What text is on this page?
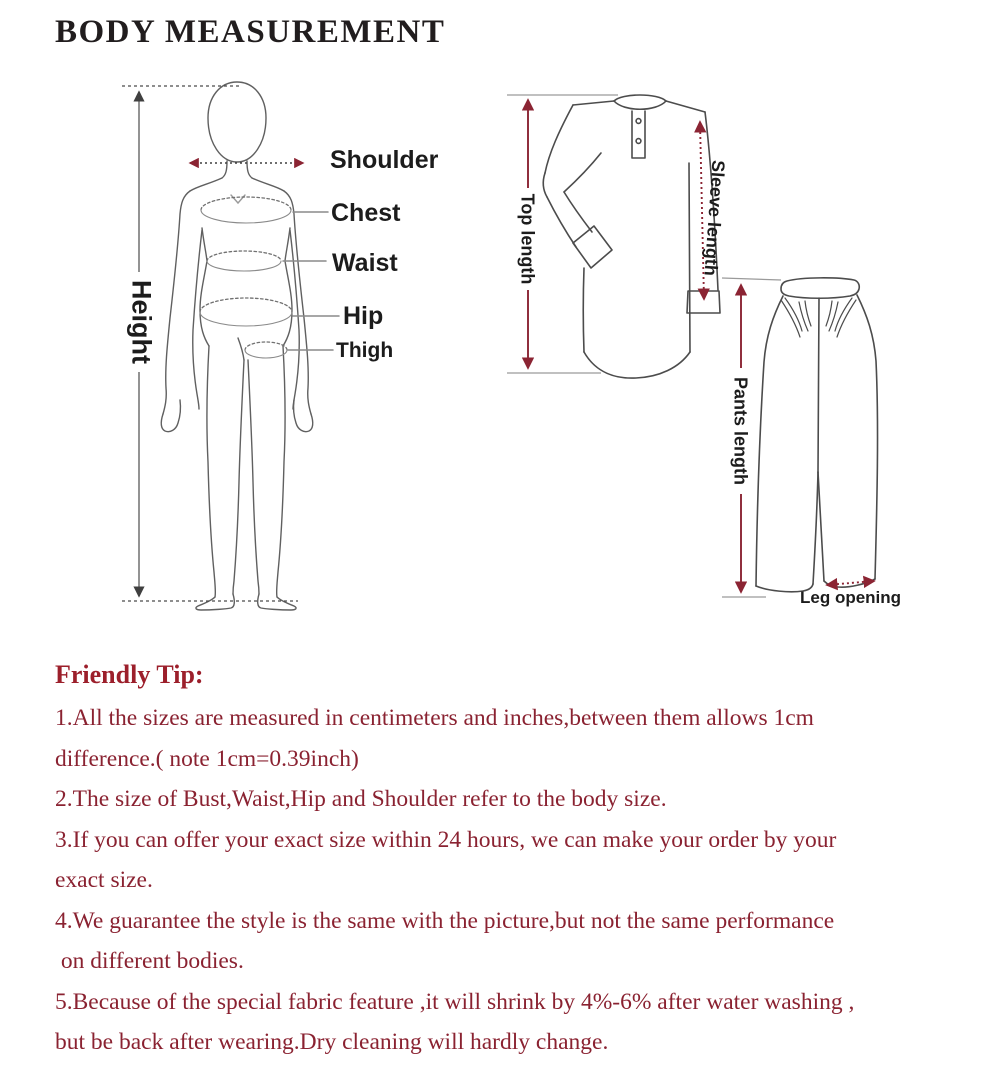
BODY MEASUREMENT
Height
Shoulder
Chest
Waist
Hip
Thigh
Top length	Sleeve length
Pants length
Leg opening
Friendly Tip:
1.All the sizes are measured in centimeters and inches,between them allows 1cm
difference.( note 1cm=0.39inch)
2.The size of Bust,Waist,Hip and Shoulder refer to the body size.
3.If you can offer your exact size within 24 hours, we can make your order by your
exact size.
4.We guarantee the style is the same with the picture,but not the same performance
on different bodies.
5.Because of the special fabric feature ,it will shrink by 4%-6% after water washing ,
but be back after wearing.Dry cleaning will hardly change.
